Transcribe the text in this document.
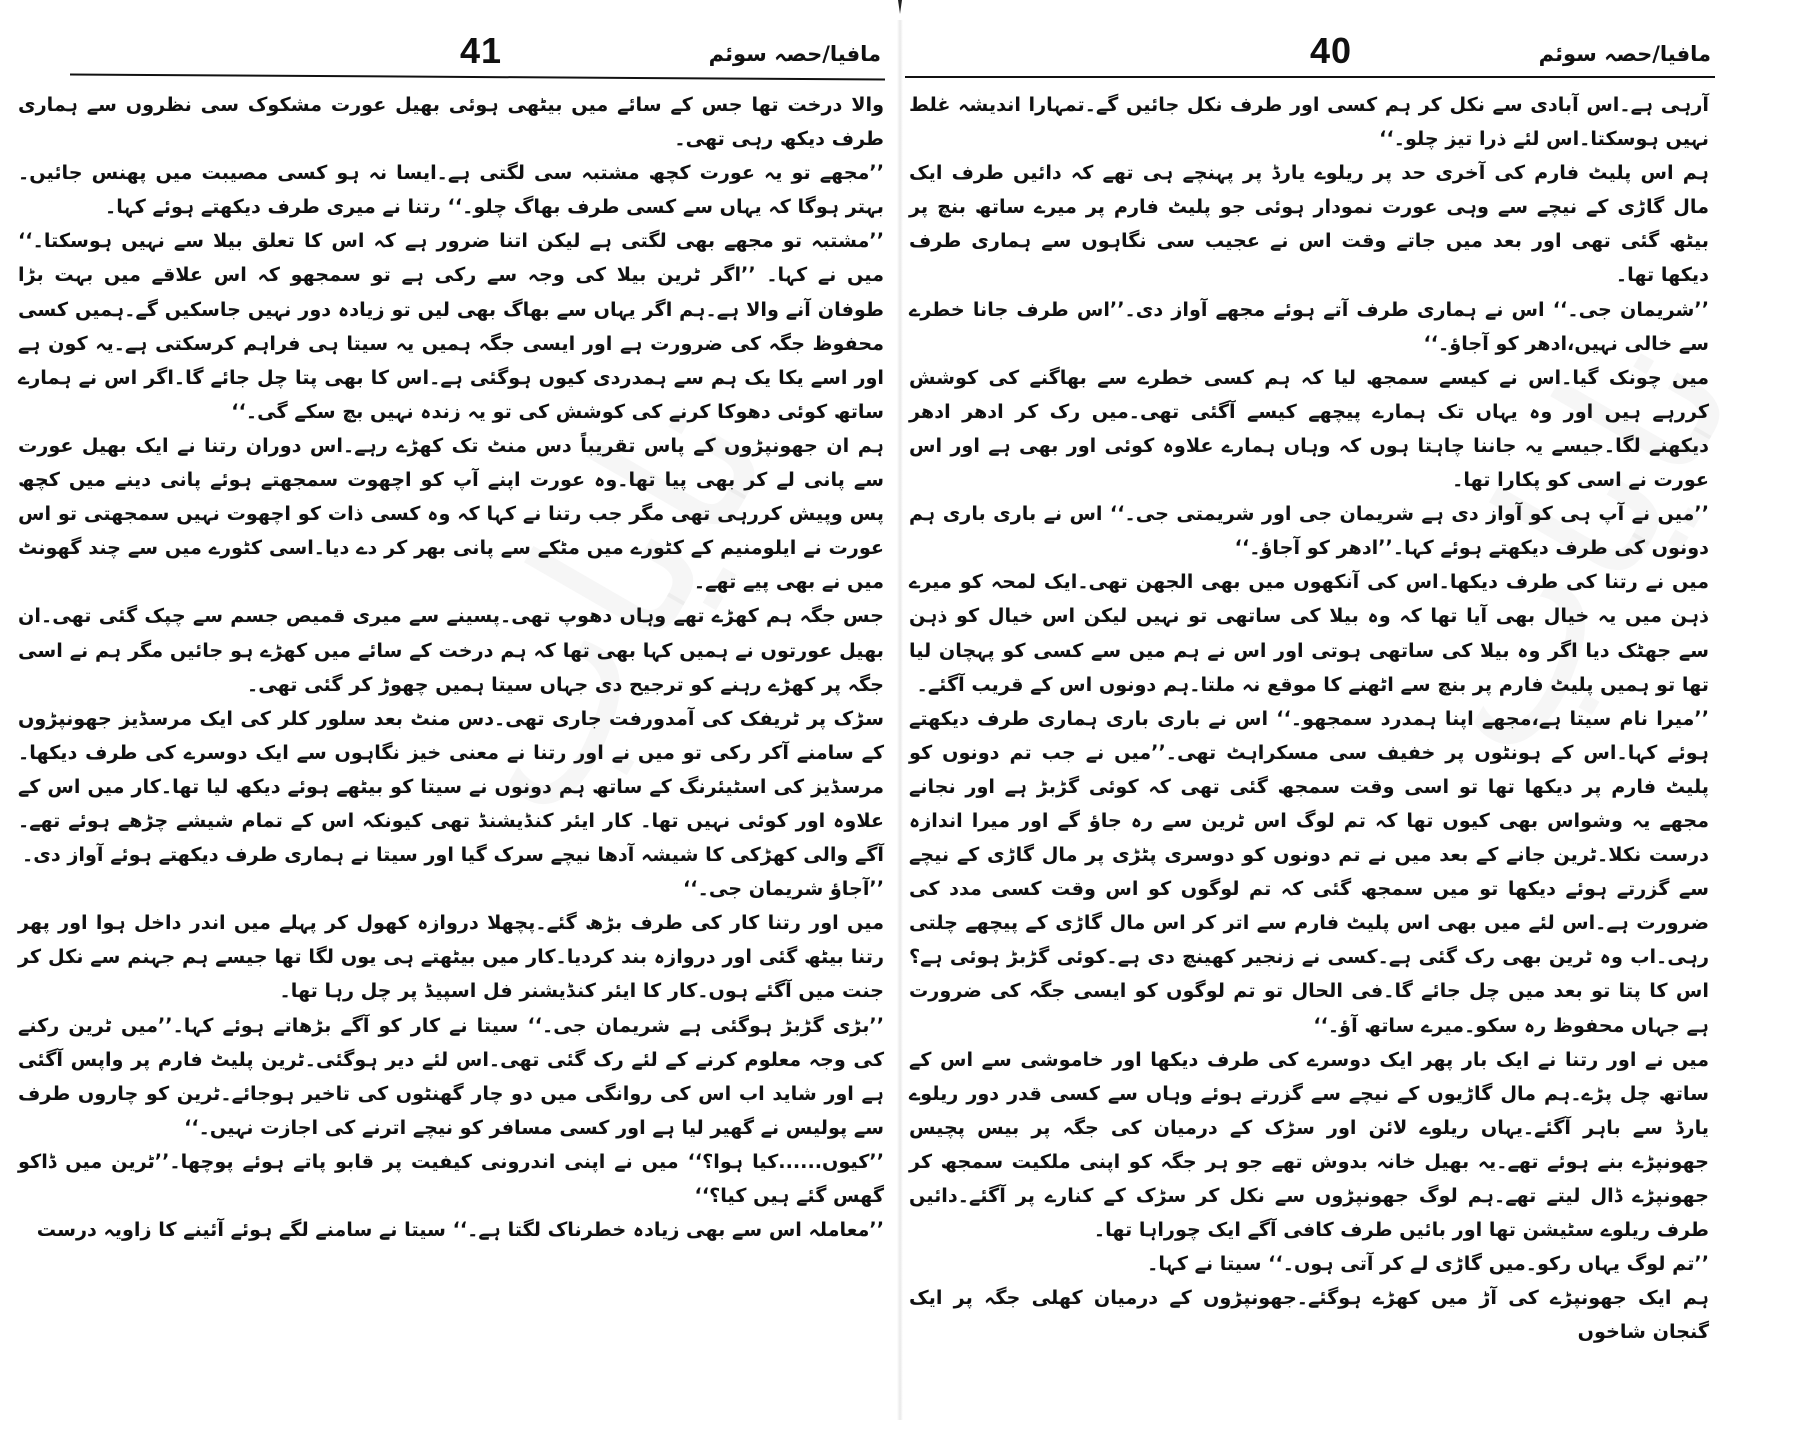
41	مافیا/حصہ سوئم

والا درخت تھا جس کے سائے میں بیٹھی ہوئی بھیل عورت مشکوک سی نظروں سے ہماری طرف دیکھ رہی تھی۔

’’مجھے تو یہ عورت کچھ مشتبہ سی لگتی ہے۔ایسا نہ ہو کسی مصیبت میں پھنس جائیں۔بہتر ہوگا کہ یہاں سے کسی طرف بھاگ چلو۔‘‘ رتنا نے میری طرف دیکھتے ہوئے کہا۔

’’مشتبہ تو مجھے بھی لگتی ہے لیکن اتنا ضرور ہے کہ اس کا تعلق بیلا سے نہیں ہوسکتا۔‘‘ میں نے کہا۔ ’’اگر ٹرین بیلا کی وجہ سے رکی ہے تو سمجھو کہ اس علاقے میں بہت بڑا طوفان آنے والا ہے۔ہم اگر یہاں سے بھاگ بھی لیں تو زیادہ دور نہیں جاسکیں گے۔ہمیں کسی محفوظ جگہ کی ضرورت ہے اور ایسی جگہ ہمیں یہ سیتا ہی فراہم کرسکتی ہے۔یہ کون ہے اور اسے یکا یک ہم سے ہمدردی کیوں ہوگئی ہے۔اس کا بھی پتا چل جائے گا۔اگر اس نے ہمارے ساتھ کوئی دھوکا کرنے کی کوشش کی تو یہ زندہ نہیں بچ سکے گی۔‘‘

ہم ان جھونپڑوں کے پاس تقریباً دس منٹ تک کھڑے رہے۔اس دوران رتنا نے ایک بھیل عورت سے پانی لے کر بھی پیا تھا۔وہ عورت اپنے آپ کو اچھوت سمجھتے ہوئے پانی دینے میں کچھ پس وپیش کررہی تھی مگر جب رتنا نے کہا کہ وہ کسی ذات کو اچھوت نہیں سمجھتی تو اس عورت نے ایلومنیم کے کٹورے میں مٹکے سے پانی بھر کر دے دیا۔اسی کٹورے میں سے چند گھونٹ میں نے بھی پیے تھے۔

جس جگہ ہم کھڑے تھے وہاں دھوپ تھی۔پسینے سے میری قمیص جسم سے چپک گئی تھی۔ان بھیل عورتوں نے ہمیں کہا بھی تھا کہ ہم درخت کے سائے میں کھڑے ہو جائیں مگر ہم نے اسی جگہ پر کھڑے رہنے کو ترجیح دی جہاں سیتا ہمیں چھوڑ کر گئی تھی۔

سڑک پر ٹریفک کی آمدورفت جاری تھی۔دس منٹ بعد سلور کلر کی ایک مرسڈیز جھونپڑوں کے سامنے آکر رکی تو میں نے اور رتنا نے معنی خیز نگاہوں سے ایک دوسرے کی طرف دیکھا۔مرسڈیز کی اسٹیئرنگ کے ساتھ ہم دونوں نے سیتا کو بیٹھے ہوئے دیکھ لیا تھا۔کار میں اس کے علاوہ اور کوئی نہیں تھا۔ کار ایئر کنڈیشنڈ تھی کیونکہ اس کے تمام شیشے چڑھے ہوئے تھے۔آگے والی کھڑکی کا شیشہ آدھا نیچے سرک گیا اور سیتا نے ہماری طرف دیکھتے ہوئے آواز دی۔

’’آجاؤ شریمان جی۔‘‘

میں اور رتنا کار کی طرف بڑھ گئے۔پچھلا دروازہ کھول کر پہلے میں اندر داخل ہوا اور پھر رتنا بیٹھ گئی اور دروازہ بند کردیا۔کار میں بیٹھتے ہی یوں لگا تھا جیسے ہم جہنم سے نکل کر جنت میں آگئے ہوں۔کار کا ایئر کنڈیشنر فل اسپیڈ پر چل رہا تھا۔

’’بڑی گڑبڑ ہوگئی ہے شریمان جی۔‘‘ سیتا نے کار کو آگے بڑھاتے ہوئے کہا۔’’میں ٹرین رکنے کی وجہ معلوم کرنے کے لئے رک گئی تھی۔اس لئے دیر ہوگئی۔ٹرین پلیٹ فارم پر واپس آگئی ہے اور شاید اب اس کی روانگی میں دو چار گھنٹوں کی تاخیر ہوجائے۔ٹرین کو چاروں طرف سے پولیس نے گھیر لیا ہے اور کسی مسافر کو نیچے اترنے کی اجازت نہیں۔‘‘

’’کیوں......کیا ہوا؟‘‘ میں نے اپنی اندرونی کیفیت پر قابو پاتے ہوئے پوچھا۔’’ٹرین میں ڈاکو گھس گئے ہیں کیا؟‘‘

’’معاملہ اس سے بھی زیادہ خطرناک لگتا ہے۔‘‘ سیتا نے سامنے لگے ہوئے آئینے کا زاویہ درست

40	مافیا/حصہ سوئم

آرہی ہے۔اس آبادی سے نکل کر ہم کسی اور طرف نکل جائیں گے۔تمہارا اندیشہ غلط نہیں ہوسکتا۔اس لئے ذرا تیز چلو۔‘‘

ہم اس پلیٹ فارم کی آخری حد پر ریلوے یارڈ پر پہنچے ہی تھے کہ دائیں طرف ایک مال گاڑی کے نیچے سے وہی عورت نمودار ہوئی جو پلیٹ فارم پر میرے ساتھ بنچ پر بیٹھ گئی تھی اور بعد میں جاتے وقت اس نے عجیب سی نگاہوں سے ہماری طرف دیکھا تھا۔

’’شریمان جی۔‘‘ اس نے ہماری طرف آتے ہوئے مجھے آواز دی۔’’اس طرف جانا خطرے سے خالی نہیں،ادھر کو آجاؤ۔‘‘

میں چونک گیا۔اس نے کیسے سمجھ لیا کہ ہم کسی خطرے سے بھاگنے کی کوشش کررہے ہیں اور وہ یہاں تک ہمارے پیچھے کیسے آگئی تھی۔میں رک کر ادھر ادھر دیکھنے لگا۔جیسے یہ جاننا چاہتا ہوں کہ وہاں ہمارے علاوہ کوئی اور بھی ہے اور اس عورت نے اسی کو پکارا تھا۔

’’میں نے آپ ہی کو آواز دی ہے شریمان جی اور شریمتی جی۔‘‘ اس نے باری باری ہم دونوں کی طرف دیکھتے ہوئے کہا۔’’ادھر کو آجاؤ۔‘‘

میں نے رتنا کی طرف دیکھا۔اس کی آنکھوں میں بھی الجھن تھی۔ایک لمحہ کو میرے ذہن میں یہ خیال بھی آیا تھا کہ وہ بیلا کی ساتھی تو نہیں لیکن اس خیال کو ذہن سے جھٹک دیا اگر وہ بیلا کی ساتھی ہوتی اور اس نے ہم میں سے کسی کو پہچان لیا تھا تو ہمیں پلیٹ فارم پر بنچ سے اٹھنے کا موقع نہ ملتا۔ہم دونوں اس کے قریب آگئے۔

’’میرا نام سیتا ہے،مجھے اپنا ہمدرد سمجھو۔‘‘ اس نے باری باری ہماری طرف دیکھتے ہوئے کہا۔اس کے ہونٹوں پر خفیف سی مسکراہٹ تھی۔’’میں نے جب تم دونوں کو پلیٹ فارم پر دیکھا تھا تو اسی وقت سمجھ گئی تھی کہ کوئی گڑبڑ ہے اور نجانے مجھے یہ وشواس بھی کیوں تھا کہ تم لوگ اس ٹرین سے رہ جاؤ گے اور میرا اندازہ درست نکلا۔ٹرین جانے کے بعد میں نے تم دونوں کو دوسری پٹڑی پر مال گاڑی کے نیچے سے گزرتے ہوئے دیکھا تو میں سمجھ گئی کہ تم لوگوں کو اس وقت کسی مدد کی ضرورت ہے۔اس لئے میں بھی اس پلیٹ فارم سے اتر کر اس مال گاڑی کے پیچھے چلتی رہی۔اب وہ ٹرین بھی رک گئی ہے۔کسی نے زنجیر کھینچ دی ہے۔کوئی گڑبڑ ہوئی ہے؟ اس کا پتا تو بعد میں چل جائے گا۔فی الحال تو تم لوگوں کو ایسی جگہ کی ضرورت ہے جہاں محفوظ رہ سکو۔میرے ساتھ آؤ۔‘‘

میں نے اور رتنا نے ایک بار پھر ایک دوسرے کی طرف دیکھا اور خاموشی سے اس کے ساتھ چل پڑے۔ہم مال گاڑیوں کے نیچے سے گزرتے ہوئے وہاں سے کسی قدر دور ریلوے یارڈ سے باہر آگئے۔یہاں ریلوے لائن اور سڑک کے درمیان کی جگہ پر بیس پچیس جھونپڑے بنے ہوئے تھے۔یہ بھیل خانہ بدوش تھے جو ہر جگہ کو اپنی ملکیت سمجھ کر جھونپڑے ڈال لیتے تھے۔ہم لوگ جھونپڑوں سے نکل کر سڑک کے کنارے پر آگئے۔دائیں طرف ریلوے سٹیشن تھا اور بائیں طرف کافی آگے ایک چوراہا تھا۔

’’تم لوگ یہاں رکو۔میں گاڑی لے کر آتی ہوں۔‘‘ سیتا نے کہا۔

ہم ایک جھونپڑے کی آڑ میں کھڑے ہوگئے۔جھونپڑوں کے درمیان کھلی جگہ پر ایک گنجان شاخوں
